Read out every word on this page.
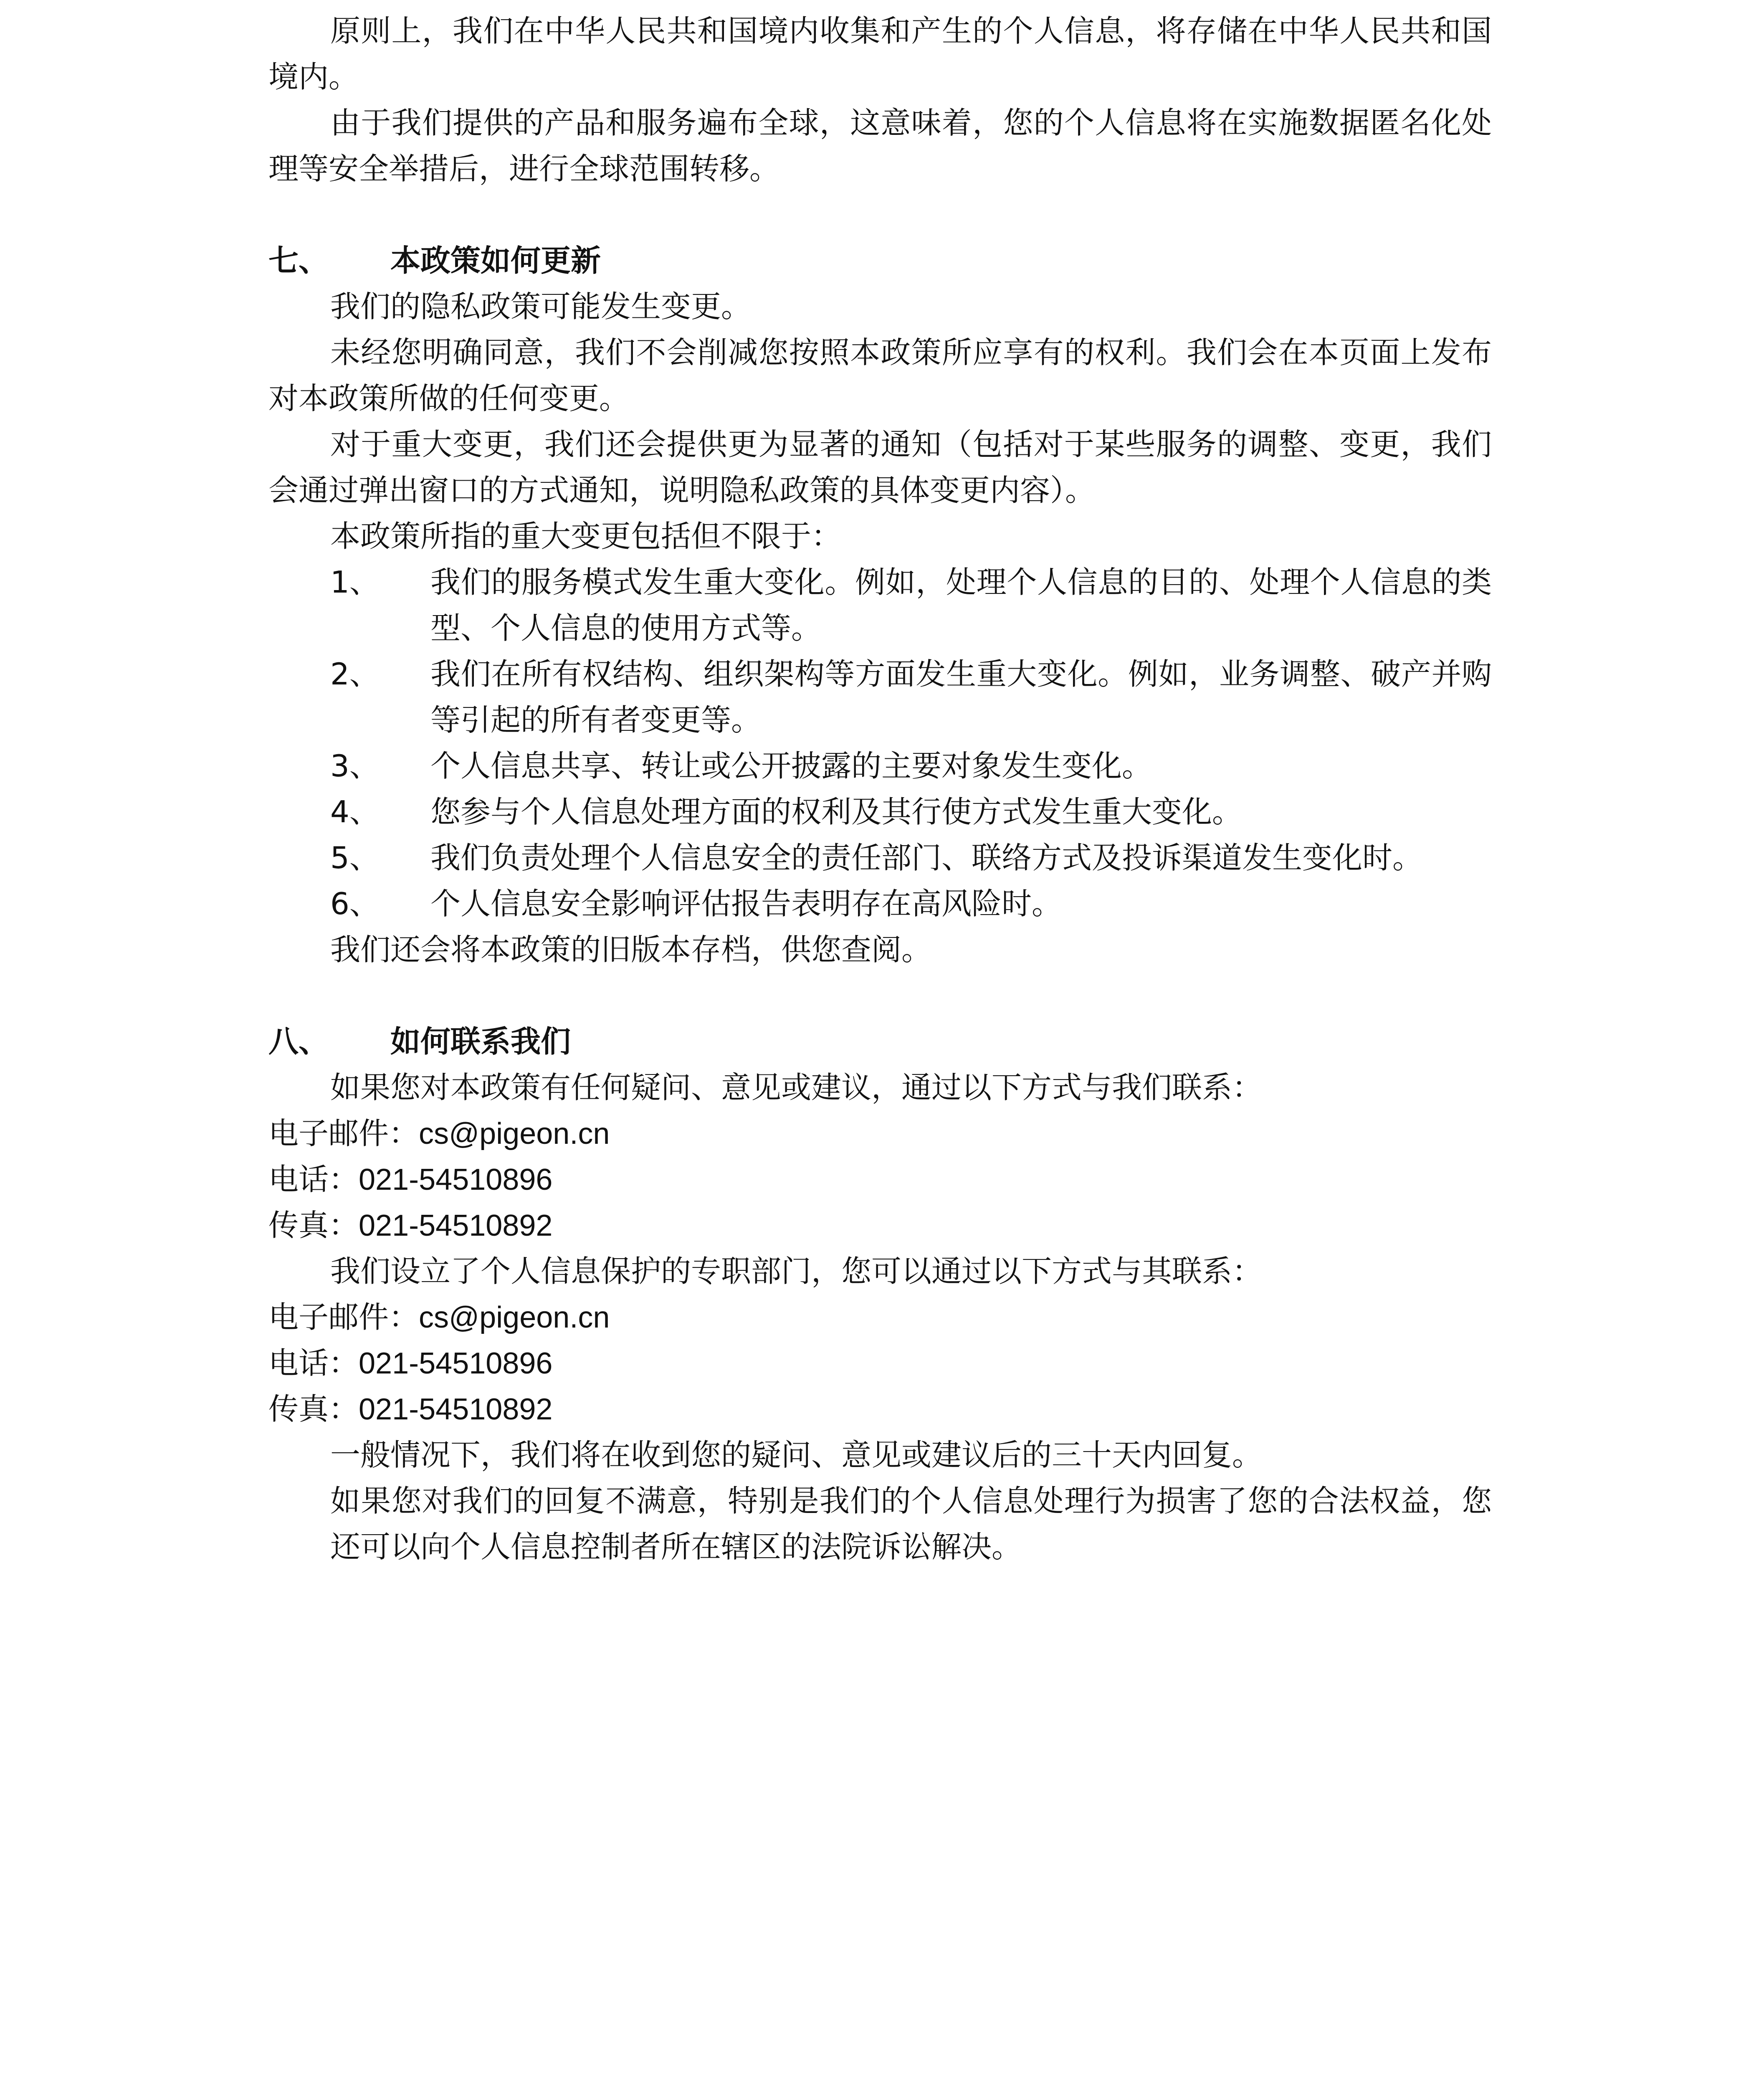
原则上，我们在中华人民共和国境内收集和产生的个人信息，将存储在中华人民共和国境内。
由于我们提供的产品和服务遍布全球，这意味着，您的个人信息将在实施数据匿名化处理等安全举措后，进行全球范围转移。
七、 本政策如何更新
我们的隐私政策可能发生变更。
未经您明确同意，我们不会削减您按照本政策所应享有的权利。我们会在本页面上发布对本政策所做的任何变更。
对于重大变更，我们还会提供更为显著的通知（包括对于某些服务的调整、变更，我们会通过弹出窗口的方式通知，说明隐私政策的具体变更内容）。
本政策所指的重大变更包括但不限于：
1、	我们的服务模式发生重大变化。例如，处理个人信息的目的、处理个人信息的类型、个人信息的使用方式等。
2、	我们在所有权结构、组织架构等方面发生重大变化。例如，业务调整、破产并购等引起的所有者变更等。
3、	个人信息共享、转让或公开披露的主要对象发生变化。
4、	您参与个人信息处理方面的权利及其行使方式发生重大变化。
5、	我们负责处理个人信息安全的责任部门、联络方式及投诉渠道发生变化时。
6、	个人信息安全影响评估报告表明存在高风险时。
我们还会将本政策的旧版本存档，供您查阅。
八、 如何联系我们
如果您对本政策有任何疑问、意见或建议，通过以下方式与我们联系：
电子邮件：cs@pigeon.cn
电话：021-54510896
传真：021-54510892
我们设立了个人信息保护的专职部门，您可以通过以下方式与其联系：
电子邮件：cs@pigeon.cn
电话：021-54510896
传真：021-54510892
一般情况下，我们将在收到您的疑问、意见或建议后的三十天内回复。
如果您对我们的回复不满意，特别是我们的个人信息处理行为损害了您的合法权益，您还可以向个人信息控制者所在辖区的法院诉讼解决。
